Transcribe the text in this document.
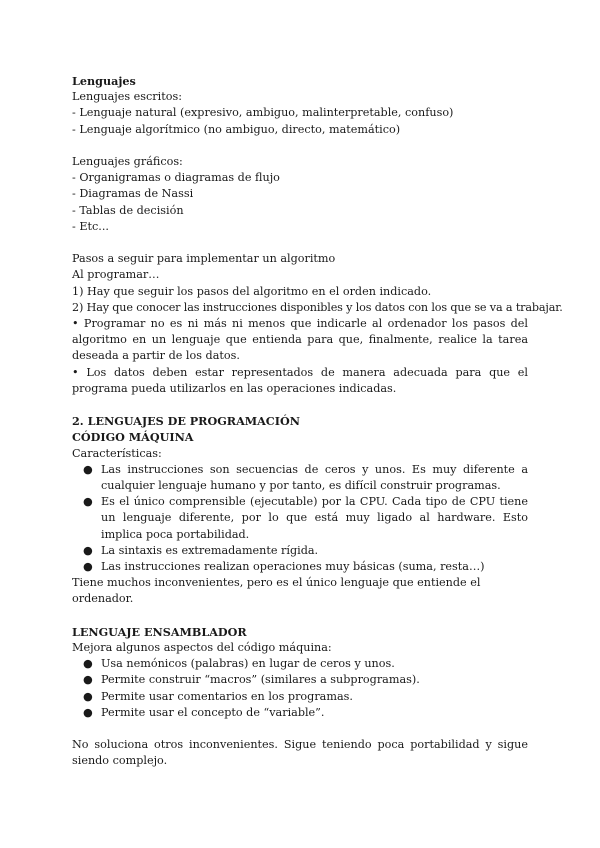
Lenguajes

Lenguajes escritos:

- Lenguaje natural (expresivo, ambiguo, malinterpretable, confuso)

- Lenguaje algorítmico (no ambiguo, directo, matemático)

Lenguajes gráficos:

- Organigramas o diagramas de flujo

- Diagramas de Nassi

- Tablas de decisión

- Etc...

Pasos a seguir para implementar un algoritmo

Al programar…

1) Hay que seguir los pasos del algoritmo en el orden indicado.

2) Hay que conocer las instrucciones disponibles y los datos con los que se va a trabajar.

• Programar no es ni más ni menos que indicarle al ordenador los pasos del algoritmo en un lenguaje que entienda para que, finalmente, realice la tarea deseada a partir de los datos.

• Los datos deben estar representados de manera adecuada para que el programa pueda utilizarlos en las operaciones indicadas.

2. LENGUAJES DE PROGRAMACIÓN

CÓDIGO MÁQUINA

Características:

● Las instrucciones son secuencias de ceros y unos. Es muy diferente a cualquier lenguaje humano y por tanto, es difícil construir programas.
● Es el único comprensible (ejecutable) por la CPU. Cada tipo de CPU tiene un lenguaje diferente, por lo que está muy ligado al hardware. Esto implica poca portabilidad.
● La sintaxis es extremadamente rígida.
● Las instrucciones realizan operaciones muy básicas (suma, resta…)

Tiene muchos inconvenientes, pero es el único lenguaje que entiende el ordenador.

LENGUAJE ENSAMBLADOR

Mejora algunos aspectos del código máquina:

● Usa nemónicos (palabras) en lugar de ceros y unos.
● Permite construir “macros” (similares a subprogramas).
● Permite usar comentarios en los programas.
● Permite usar el concepto de “variable”.

No soluciona otros inconvenientes. Sigue teniendo poca portabilidad y sigue siendo complejo.
